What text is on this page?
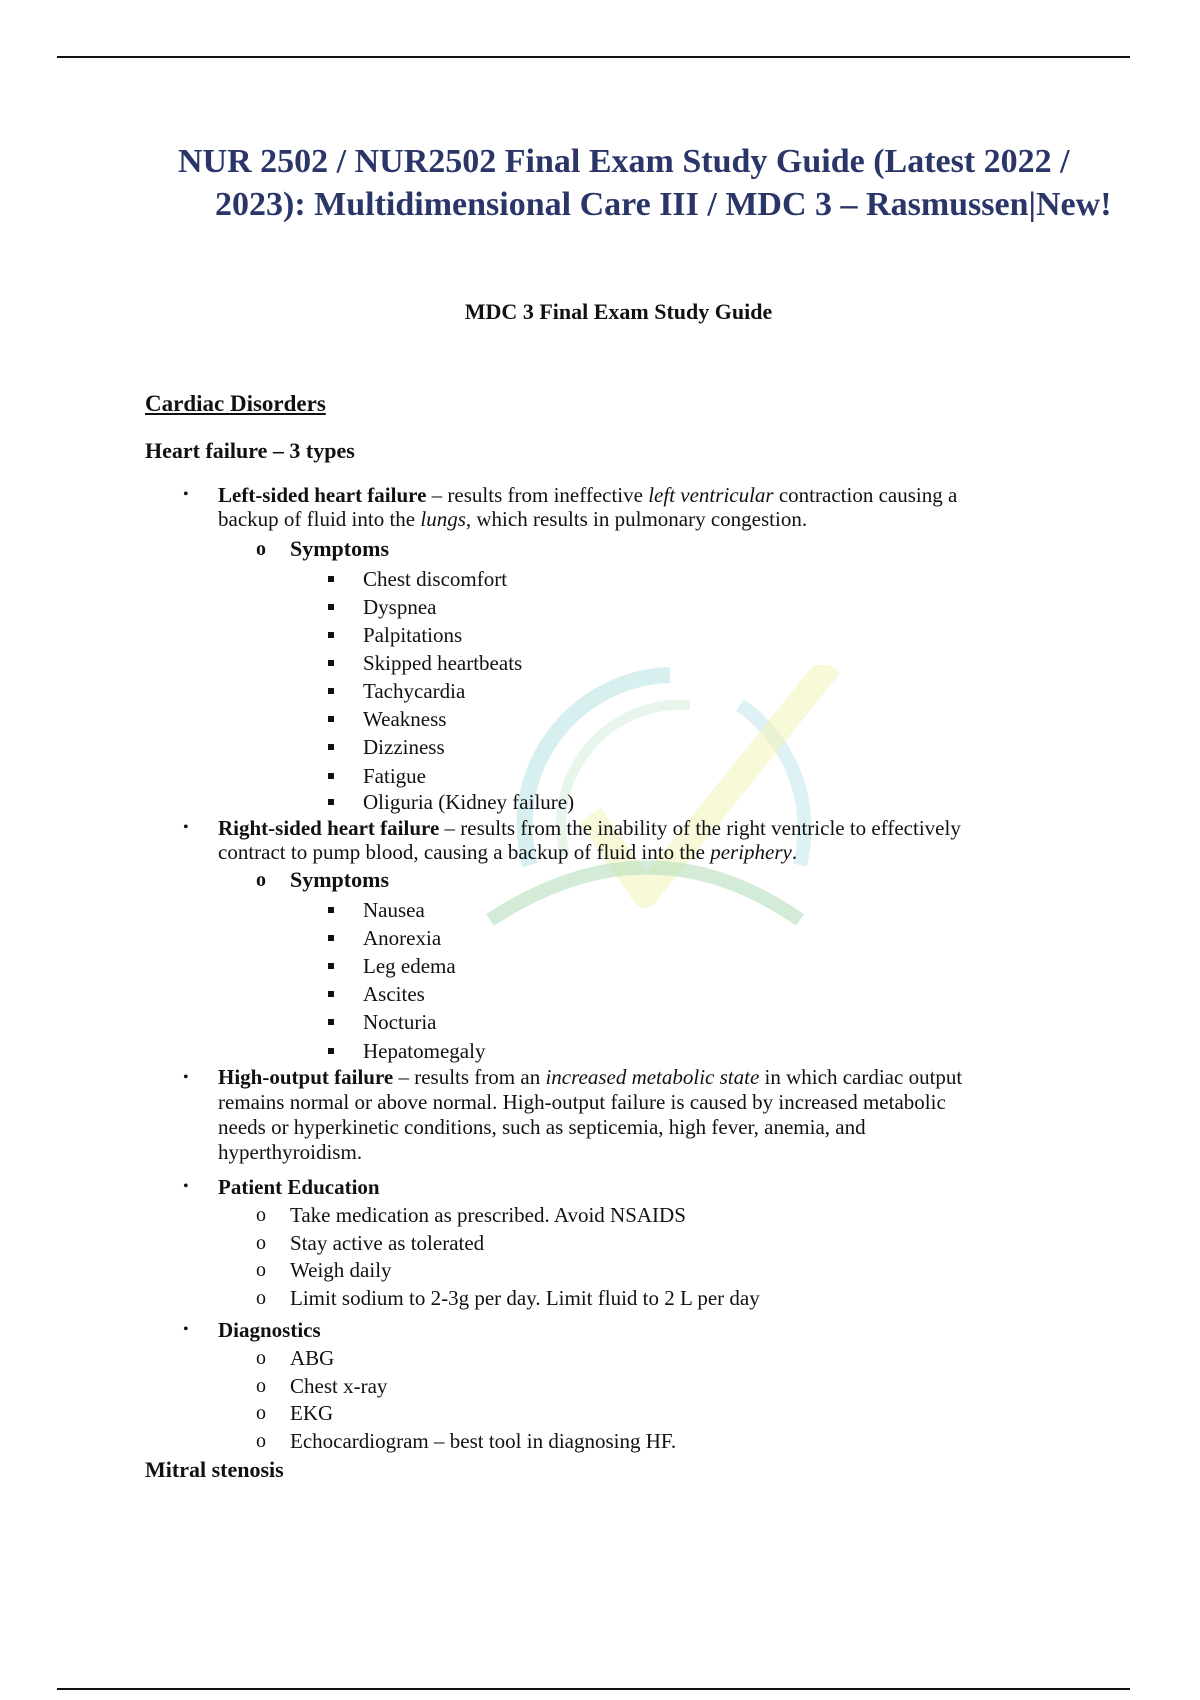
NUR 2502 / NUR2502 Final Exam Study Guide (Latest 2022 /
2023): Multidimensional Care III / MDC 3 – Rasmussen|New!
MDC 3 Final Exam Study Guide
Cardiac Disorders
Heart failure – 3 types
• Left-sided heart failure – results from ineffective left ventricular contraction causing a
backup of fluid into the lungs, which results in pulmonary congestion.
o Symptoms
Chest discomfort
Dyspnea
Palpitations
Skipped heartbeats
Tachycardia
Weakness
Dizziness
Fatigue
Oliguria (Kidney failure)
• Right-sided heart failure – results from the inability of the right ventricle to effectively
contract to pump blood, causing a backup of fluid into the periphery.
o Symptoms
Nausea
Anorexia
Leg edema
Ascites
Nocturia
Hepatomegaly
• High-output failure – results from an increased metabolic state in which cardiac output
remains normal or above normal. High-output failure is caused by increased metabolic
needs or hyperkinetic conditions, such as septicemia, high fever, anemia, and
hyperthyroidism.
• Patient Education
o Take medication as prescribed. Avoid NSAIDS
o Stay active as tolerated
o Weigh daily
o Limit sodium to 2-3g per day. Limit fluid to 2 L per day
• Diagnostics
o ABG
o Chest x-ray
o EKG
o Echocardiogram – best tool in diagnosing HF.
Mitral stenosis
